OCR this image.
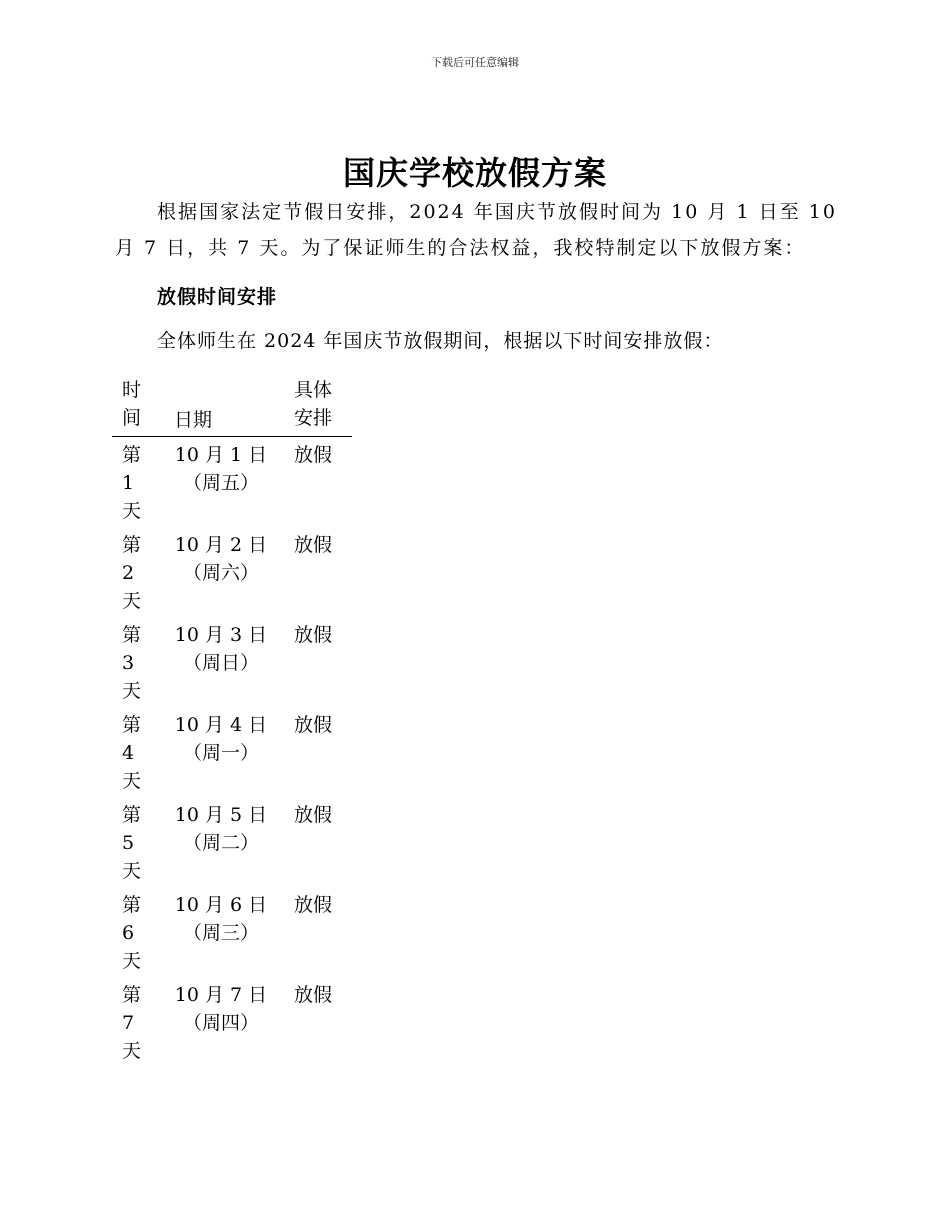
下载后可任意编辑
国庆学校放假方案

根据国家法定节假日安排，2024 年国庆节放假时间为 10 月 1 日至 10 月 7 日，共 7 天。为了保证师生的合法权益，我校特制定以下放假方案：

放假时间安排
全体师生在 2024 年国庆节放假期间，根据以下时间安排放假：
时 间	日期
具体 安排
第
1
天
10 月 1 日
（周五）
放假
第
2
天
10 月 2 日
（周六）
放假
第
3
天
10 月 3 日
（周日）
放假
第
4
天
10 月 4 日
（周一）
放假
第
5
天
10 月 5 日
（周二）
放假
第
6
天
10 月 6 日
（周三）
放假
第
7
天
10 月 7 日
（周四）
放假
